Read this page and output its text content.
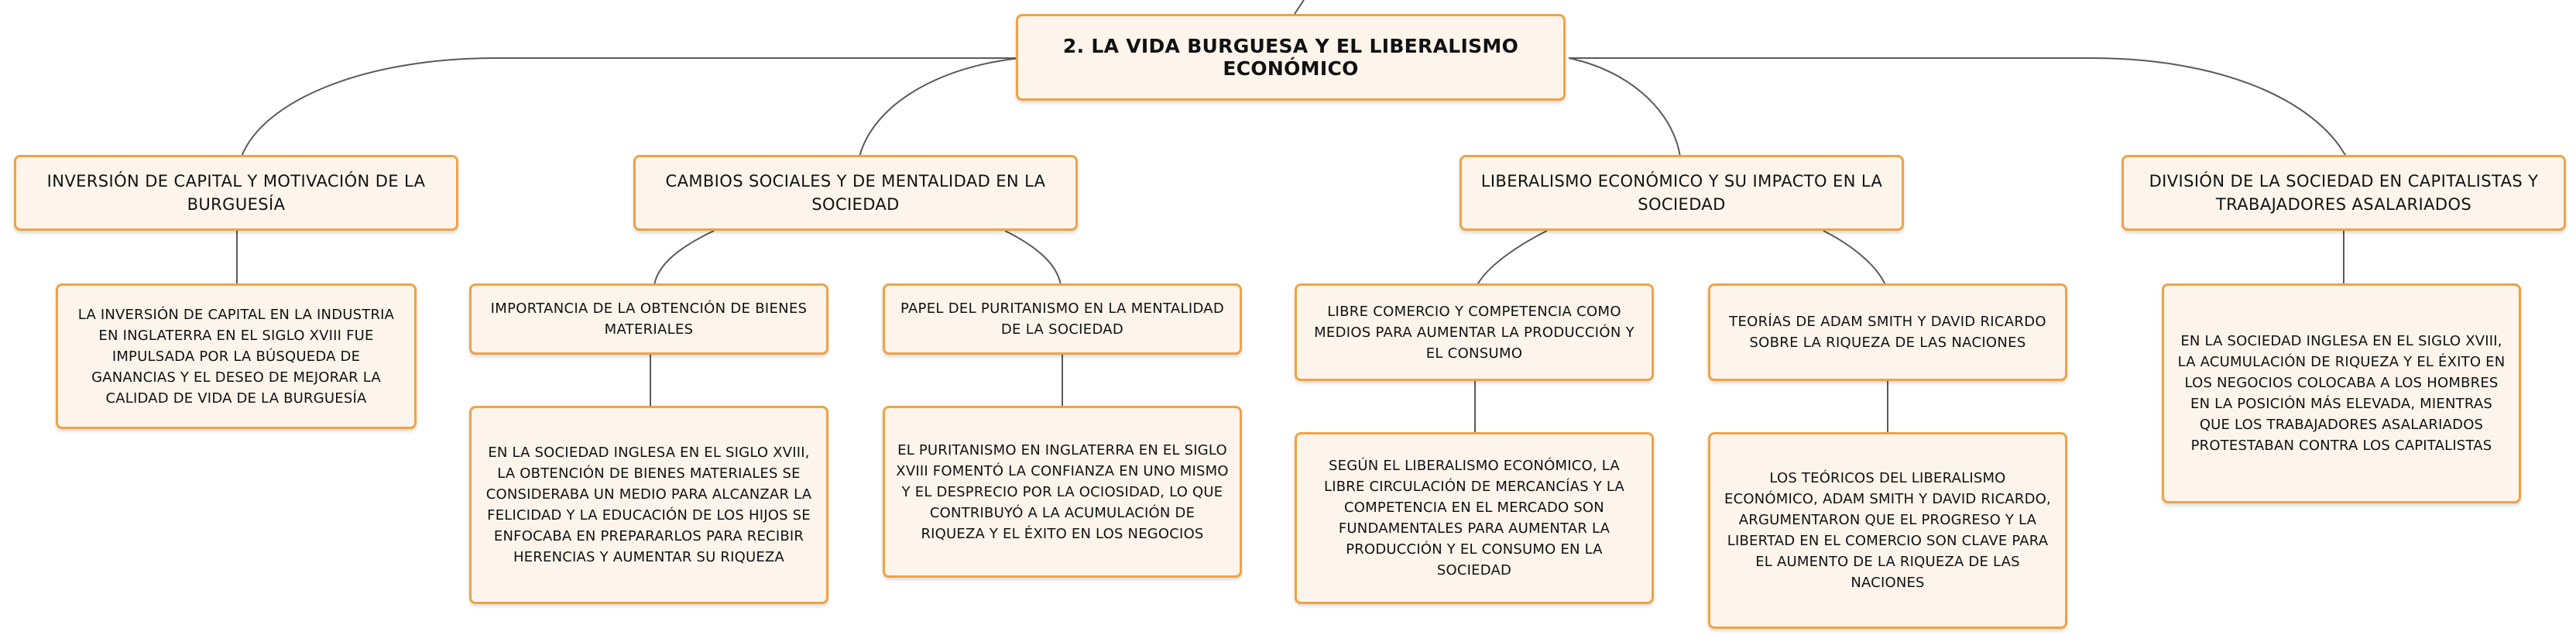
2. LA VIDA BURGUESA Y EL LIBERALISMO ECONÓMICO
INVERSIÓN DE CAPITAL Y MOTIVACIÓN DE LA BURGUESÍA
CAMBIOS SOCIALES Y DE MENTALIDAD EN LA SOCIEDAD
LIBERALISMO ECONÓMICO Y SU IMPACTO EN LA SOCIEDAD
DIVISIÓN DE LA SOCIEDAD EN CAPITALISTAS Y TRABAJADORES ASALARIADOS
IMPORTANCIA DE LA OBTENCIÓN DE BIENES MATERIALES
PAPEL DEL PURITANISMO EN LA MENTALIDAD DE LA SOCIEDAD
LIBRE COMERCIO Y COMPETENCIA COMO MEDIOS PARA AUMENTAR LA PRODUCCIÓN Y EL CONSUMO
TEORÍAS DE ADAM SMITH Y DAVID RICARDO SOBRE LA RIQUEZA DE LAS NACIONES
LA INVERSIÓN DE CAPITAL EN LA INDUSTRIA EN INGLATERRA EN EL SIGLO XVIII FUE IMPULSADA POR LA BÚSQUEDA DE GANANCIAS Y EL DESEO DE MEJORAR LA CALIDAD DE VIDA DE LA BURGUESÍA
EN LA SOCIEDAD INGLESA EN EL SIGLO XVIII, LA OBTENCIÓN DE BIENES MATERIALES SE CONSIDERABA UN MEDIO PARA ALCANZAR LA FELICIDAD Y LA EDUCACIÓN DE LOS HIJOS SE ENFOCABA EN PREPARARLOS PARA RECIBIR HERENCIAS Y AUMENTAR SU RIQUEZA
EL PURITANISMO EN INGLATERRA EN EL SIGLO XVIII FOMENTÓ LA CONFIANZA EN UNO MISMO Y EL DESPRECIO POR LA OCIOSIDAD, LO QUE CONTRIBUYÓ A LA ACUMULACIÓN DE RIQUEZA Y EL ÉXITO EN LOS NEGOCIOS
SEGÚN EL LIBERALISMO ECONÓMICO, LA LIBRE CIRCULACIÓN DE MERCANCÍAS Y LA COMPETENCIA EN EL MERCADO SON FUNDAMENTALES PARA AUMENTAR LA PRODUCCIÓN Y EL CONSUMO EN LA SOCIEDAD
LOS TEÓRICOS DEL LIBERALISMO ECONÓMICO, ADAM SMITH Y DAVID RICARDO, ARGUMENTARON QUE EL PROGRESO Y LA LIBERTAD EN EL COMERCIO SON CLAVE PARA EL AUMENTO DE LA RIQUEZA DE LAS NACIONES
EN LA SOCIEDAD INGLESA EN EL SIGLO XVIII, LA ACUMULACIÓN DE RIQUEZA Y EL ÉXITO EN LOS NEGOCIOS COLOCABA A LOS HOMBRES EN LA POSICIÓN MÁS ELEVADA, MIENTRAS QUE LOS TRABAJADORES ASALARIADOS PROTESTABAN CONTRA LOS CAPITALISTAS
